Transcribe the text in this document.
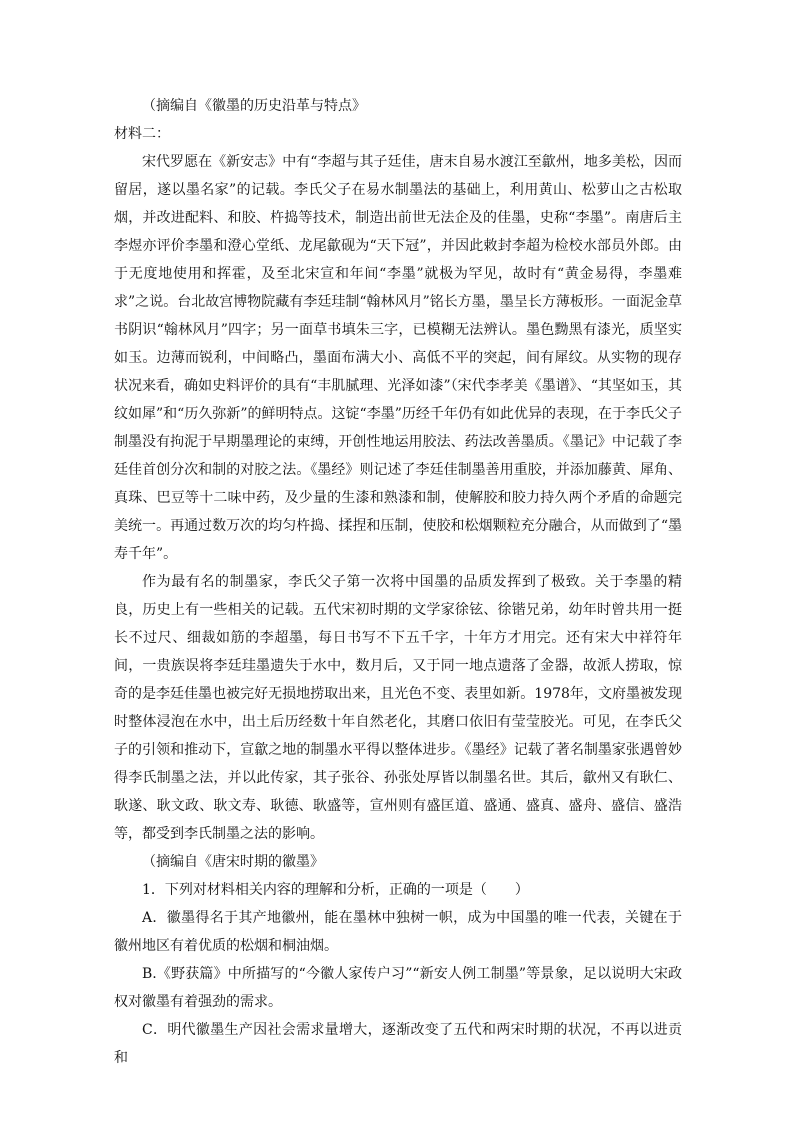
（摘编自《徽墨的历史沿革与特点》

材料二：

宋代罗愿在《新安志》中有“李超与其子廷佳，唐末自易水渡江至歙州，地多美松，因而留居，遂以墨名家”的记载。李氏父子在易水制墨法的基础上，利用黄山、松萝山之古松取烟，并改进配料、和胶、杵捣等技术，制造出前世无法企及的佳墨，史称“李墨”。南唐后主李煜亦评价李墨和澄心堂纸、龙尾歙砚为“天下冠”，并因此敕封李超为检校水部员外郎。由于无度地使用和挥霍，及至北宋宣和年间“李墨”就极为罕见，故时有“黄金易得，李墨难求”之说。台北故宫博物院藏有李廷珪制“翰林风月”铭长方墨，墨呈长方薄板形。一面泥金草书阴识“翰林风月”四字；另一面草书填朱三字，已模糊无法辨认。墨色黝黑有漆光，质坚实如玉。边薄而锐利，中间略凸，墨面布满大小、高低不平的突起，间有犀纹。从实物的现存状况来看，确如史料评价的具有“丰肌腻理、光泽如漆”（宋代李孝美《墨谱》、“其坚如玉，其纹如犀”和“历久弥新”的鲜明特点。这锭“李墨”历经千年仍有如此优异的表现，在于李氏父子制墨没有拘泥于早期墨理论的束缚，开创性地运用胶法、药法改善墨质。《墨记》中记载了李廷佳首创分次和制的对胶之法。《墨经》则记述了李廷佳制墨善用重胶，并添加藤黄、犀角、真珠、巴豆等十二味中药，及少量的生漆和熟漆和制，使解胶和胶力持久两个矛盾的命题完美统一。再通过数万次的均匀杵捣、揉捏和压制，使胶和松烟颗粒充分融合，从而做到了“墨寿千年”。

作为最有名的制墨家，李氏父子第一次将中国墨的品质发挥到了极致。关于李墨的精良，历史上有一些相关的记载。五代宋初时期的文学家徐铉、徐锴兄弟，幼年时曾共用一挺长不过尺、细裁如筋的李超墨，每日书写不下五千字，十年方才用完。还有宋大中祥符年间，一贵族误将李廷珪墨遗失于水中，数月后，又于同一地点遗落了金器，故派人捞取，惊奇的是李廷佳墨也被完好无损地捞取出来，且光色不变、表里如新。1978年，文府墨被发现时整体浸泡在水中，出土后历经数十年自然老化，其磨口依旧有莹莹胶光。可见，在李氏父子的引领和推动下，宣歙之地的制墨水平得以整体进步。《墨经》记载了著名制墨家张遇曾妙得李氏制墨之法，并以此传家，其子张谷、孙张处厚皆以制墨名世。其后，歙州又有耿仁、耿遂、耿文政、耿文寿、耿德、耿盛等，宣州则有盛匡道、盛通、盛真、盛舟、盛信、盛浩等，都受到李氏制墨之法的影响。

（摘编自《唐宋时期的徽墨》

1．下列对材料相关内容的理解和分析，正确的一项是（　　）

A．徽墨得名于其产地徽州，能在墨林中独树一帜，成为中国墨的唯一代表，关键在于徽州地区有着优质的松烟和桐油烟。

B.《野获篇》中所描写的“今徽人家传户习”“新安人例工制墨”等景象，足以说明大宋政权对徽墨有着强劲的需求。

C．明代徽墨生产因社会需求量增大，逐渐改变了五代和两宋时期的状况，不再以进贡和
